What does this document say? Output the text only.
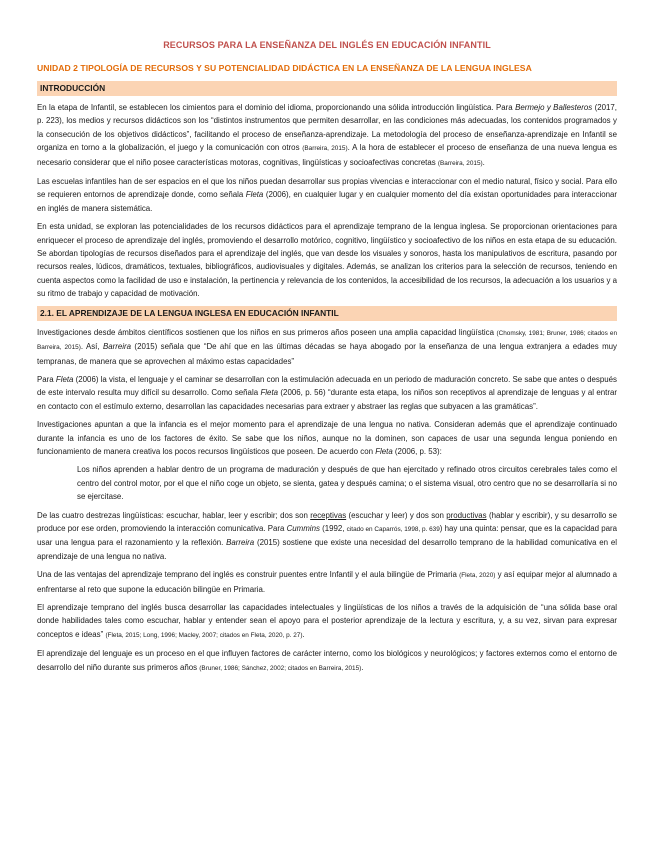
RECURSOS PARA LA ENSEÑANZA DEL INGLÉS EN EDUCACIÓN INFANTIL
UNIDAD 2 TIPOLOGÍA DE RECURSOS Y SU POTENCIALIDAD DIDÁCTICA EN LA ENSEÑANZA DE LA LENGUA INGLESA
INTRODUCCIÓN

En la etapa de Infantil, se establecen los cimientos para el dominio del idioma, proporcionando una sólida introducción lingüística. Para Bermejo y Ballesteros (2017, p. 223), los medios y recursos didácticos son los “distintos instrumentos que permiten desarrollar, en las condiciones más adecuadas, los contenidos programados y la consecución de los objetivos didácticos”, facilitando el proceso de enseñanza-aprendizaje. La metodología del proceso de enseñanza-aprendizaje en Infantil se organiza en torno a la globalización, el juego y la comunicación con otros (Barreira, 2015). A la hora de establecer el proceso de enseñanza de una nueva lengua es necesario considerar que el niño posee características motoras, cognitivas, lingüísticas y socioafectivas concretas (Barreira, 2015).

Las escuelas infantiles han de ser espacios en el que los niños puedan desarrollar sus propias vivencias e interaccionar con el medio natural, físico y social. Para ello se requieren entornos de aprendizaje donde, como señala Fleta (2006), en cualquier lugar y en cualquier momento del día existan oportunidades para interaccionar en inglés de manera sistemática.

En esta unidad, se exploran las potencialidades de los recursos didácticos para el aprendizaje temprano de la lengua inglesa. Se proporcionan orientaciones para enriquecer el proceso de aprendizaje del inglés, promoviendo el desarrollo motórico, cognitivo, lingüístico y socioafectivo de los niños en esta etapa de su educación. Se abordan tipologías de recursos diseñados para el aprendizaje del inglés, que van desde los visuales y sonoros, hasta los manipulativos de escritura, pasando por recursos reales, lúdicos, dramáticos, textuales, bibliográficos, audiovisuales y digitales. Además, se analizan los criterios para la selección de recursos, teniendo en cuenta aspectos como la facilidad de uso e instalación, la pertinencia y relevancia de los contenidos, la accesibilidad de los recursos, la adecuación a los usuarios y a su ritmo de trabajo y capacidad de motivación.

2.1. EL APRENDIZAJE DE LA LENGUA INGLESA EN EDUCACIÓN INFANTIL

Investigaciones desde ámbitos científicos sostienen que los niños en sus primeros años poseen una amplia capacidad lingüística (Chomsky, 1981; Bruner, 1986; citados en Barreira, 2015). Así, Barreira (2015) señala que “De ahí que en las últimas décadas se haya abogado por la enseñanza de una lengua extranjera a edades muy tempranas, de manera que se aprovechen al máximo estas capacidades”

Para Fleta (2006) la vista, el lenguaje y el caminar se desarrollan con la estimulación adecuada en un periodo de maduración concreto. Se sabe que antes o después de este intervalo resulta muy difícil su desarrollo. Como señala Fleta (2006, p. 56) “durante esta etapa, los niños son receptivos al aprendizaje de lenguas y al entrar en contacto con el estímulo externo, desarrollan las capacidades necesarias para extraer y abstraer las reglas que subyacen a las gramáticas”.

Investigaciones apuntan a que la infancia es el mejor momento para el aprendizaje de una lengua no nativa. Consideran además que el aprendizaje continuado durante la infancia es uno de los factores de éxito. Se sabe que los niños, aunque no la dominen, son capaces de usar una segunda lengua poniendo en funcionamiento de manera creativa los pocos recursos lingüísticos que poseen. De acuerdo con Fleta (2006, p. 53):

Los niños aprenden a hablar dentro de un programa de maduración y después de que han ejercitado y refinado otros circuitos cerebrales tales como el centro del control motor, por el que el niño coge un objeto, se sienta, gatea y después camina; o el sistema visual, otro centro que no se desarrollaría si no se ejercitase.

De las cuatro destrezas lingüísticas: escuchar, hablar, leer y escribir; dos son receptivas (escuchar y leer) y dos son productivas (hablar y escribir), y su desarrollo se produce por ese orden, promoviendo la interacción comunicativa. Para Cummins (1992, citado en Caparrós, 1998, p. 639) hay una quinta: pensar, que es la capacidad para usar una lengua para el razonamiento y la reflexión. Barreira (2015) sostiene que existe una necesidad del desarrollo temprano de la habilidad comunicativa en el aprendizaje de una lengua no nativa.

Una de las ventajas del aprendizaje temprano del inglés es construir puentes entre Infantil y el aula bilingüe de Primaria (Fleta, 2020) y así equipar mejor al alumnado a enfrentarse al reto que supone la educación bilingüe en Primaria.

El aprendizaje temprano del inglés busca desarrollar las capacidades intelectuales y lingüísticas de los niños a través de la adquisición de “una sólida base oral donde habilidades tales como escuchar, hablar y entender sean el apoyo para el posterior aprendizaje de la lectura y escritura, y, a su vez, sirvan para expresar conceptos e ideas” (Fleta, 2015; Long, 1996; Macley, 2007; citados en Fleta, 2020, p. 27).

El aprendizaje del lenguaje es un proceso en el que influyen factores de carácter interno, como los biológicos y neurológicos; y factores externos como el entorno de desarrollo del niño durante sus primeros años (Bruner, 1986; Sánchez, 2002; citados en Barreira, 2015).
